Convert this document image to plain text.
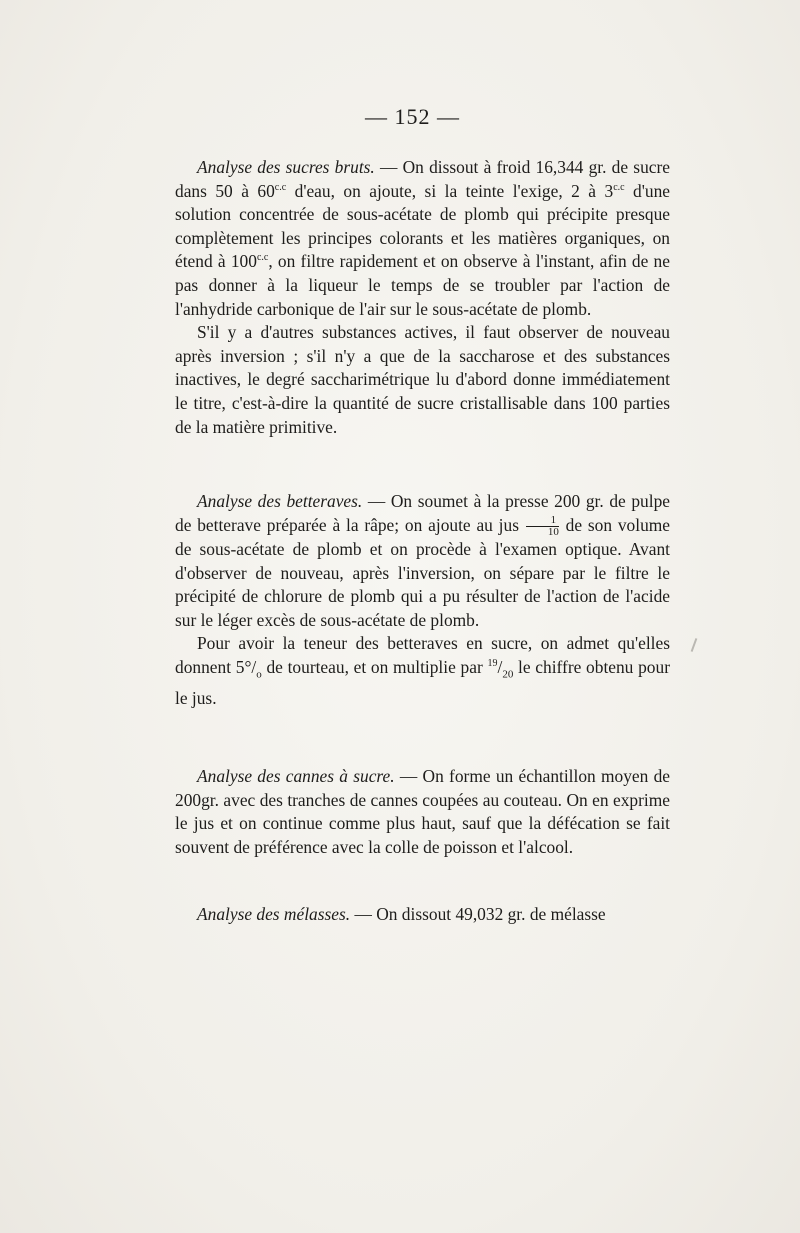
— 152 —

Analyse des sucres bruts. — On dissout à froid 16,344 gr. de sucre dans 50 à $60^{c.c}$ d'eau, on ajoute, si la teinte l'exige, 2 à $3^{c.c}$ d'une solution concentrée de sous-acétate de plomb qui précipite presque complètement les principes colorants et les matières organiques, on étend à $100^{c.c}$, on filtre rapidement et on observe à l'instant, afin de ne pas donner à la liqueur le temps de se troubler par l'action de l'anhydride carbonique de l'air sur le sous-acétate de plomb.

S'il y a d'autres substances actives, il faut observer de nouveau après inversion ; s'il n'y a que de la saccharose et des substances inactives, le degré saccharimétrique lu d'abord donne immédiatement le titre, c'est-à-dire la quantité de sucre cristallisable dans 100 parties de la matière primitive.

Analyse des betteraves. — On soumet à la presse 200 gr. de pulpe de betterave préparée à la râpe; on ajoute au jus $\frac{1}{10}$ de son volume de sous-acétate de plomb et on procède à l'examen optique. Avant d'observer de nouveau, après l'inversion, on sépare par le filtre le précipité de chlorure de plomb qui a pu résulter de l'action de l'acide sur le léger excès de sous-acétate de plomb.

Pour avoir la teneur des betteraves en sucre, on admet qu'elles donnent $5^\circ/_o$ de tourteau, et on multiplie par $^{19}/_{20}$ le chiffre obtenu pour le jus.

Analyse des cannes à sucre. — On forme un échantillon moyen de 200gr. avec des tranches de cannes coupées au couteau. On en exprime le jus et on continue comme plus haut, sauf que la défécation se fait souvent de préférence avec la colle de poisson et l'alcool.

Analyse des mélasses. — On dissout 49,032 gr. de mélasse
